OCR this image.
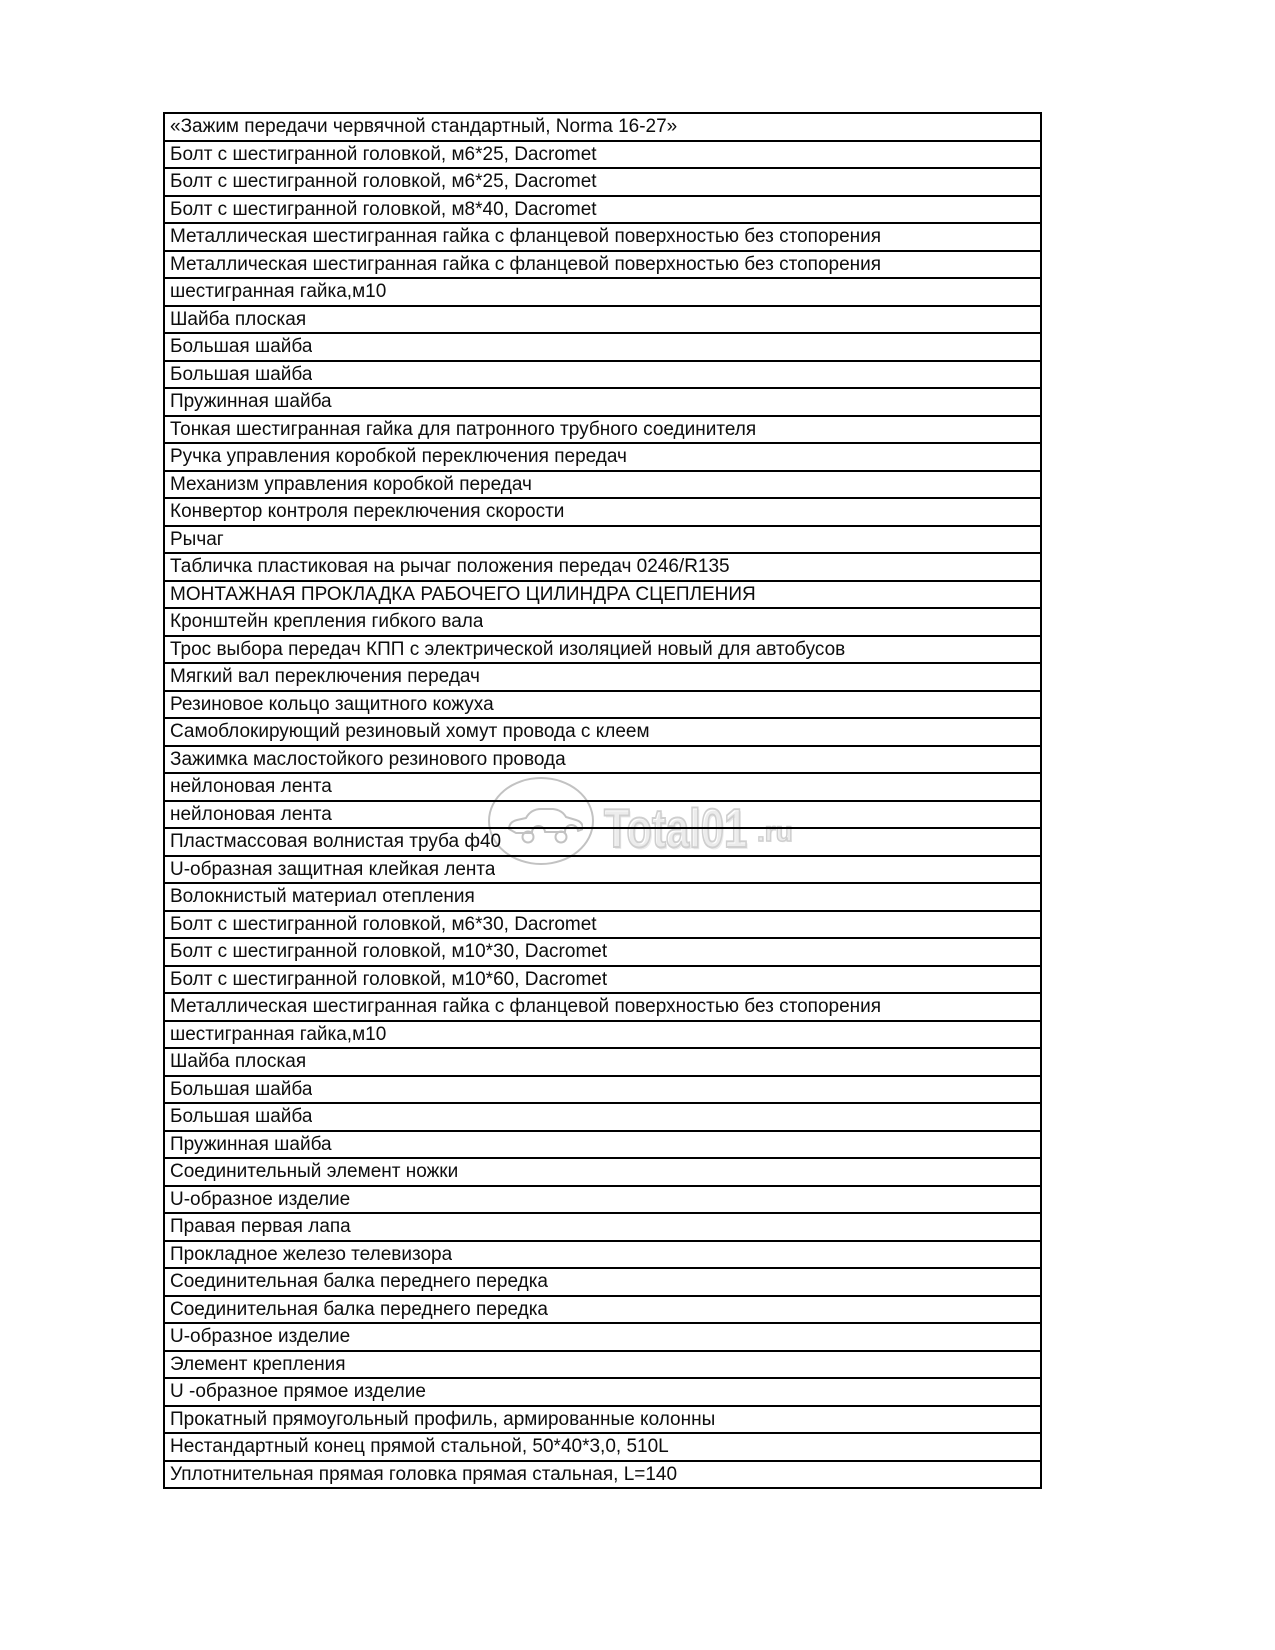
Total01 .ru
«Зажим передачи червячной стандартный, Norma 16-27»
Болт с шестигранной головкой, м6*25, Dacromet
Болт с шестигранной головкой, м6*25, Dacromet
Болт с шестигранной головкой, м8*40, Dacromet
Металлическая шестигранная гайка с фланцевой поверхностью без стопорения
Металлическая шестигранная гайка с фланцевой поверхностью без стопорения
шестигранная гайка,м10
Шайба плоская
Большая шайба
Большая шайба
Пружинная шайба
Тонкая шестигранная гайка для патронного трубного соединителя
Ручка управления коробкой переключения передач
Механизм управления коробкой передач
Конвертор контроля переключения скорости
Рычаг
Табличка пластиковая на рычаг положения передач 0246/R135
МОНТАЖНАЯ ПРОКЛАДКА РАБОЧЕГО ЦИЛИНДРА СЦЕПЛЕНИЯ
Кронштейн крепления гибкого вала
Трос выбора передач КПП с электрической изоляцией новый для автобусов
Мягкий вал переключения передач
Резиновое кольцо защитного кожуха
Самоблокирующий резиновый хомут провода с клеем
Зажимка маслостойкого резинового провода
нейлоновая лента
нейлоновая лента
Пластмассовая волнистая труба ф40
U-образная защитная клейкая лента
Волокнистый материал отепления
Болт с шестигранной головкой, м6*30, Dacromet
Болт с шестигранной головкой, м10*30, Dacromet
Болт с шестигранной головкой, м10*60, Dacromet
Металлическая шестигранная гайка с фланцевой поверхностью без стопорения
шестигранная гайка,м10
Шайба плоская
Большая шайба
Большая шайба
Пружинная шайба
Соединительный элемент ножки
U-образное изделие
Правая первая лапа
Прокладное железо телевизора
Соединительная балка переднего передка
Соединительная балка переднего передка
U-образное изделие
Элемент крепления
U -образное прямое изделие
Прокатный прямоугольный профиль, армированные колонны
Нестандартный конец прямой стальной, 50*40*3,0, 510L
Уплотнительная прямая головка прямая стальная, L=140
